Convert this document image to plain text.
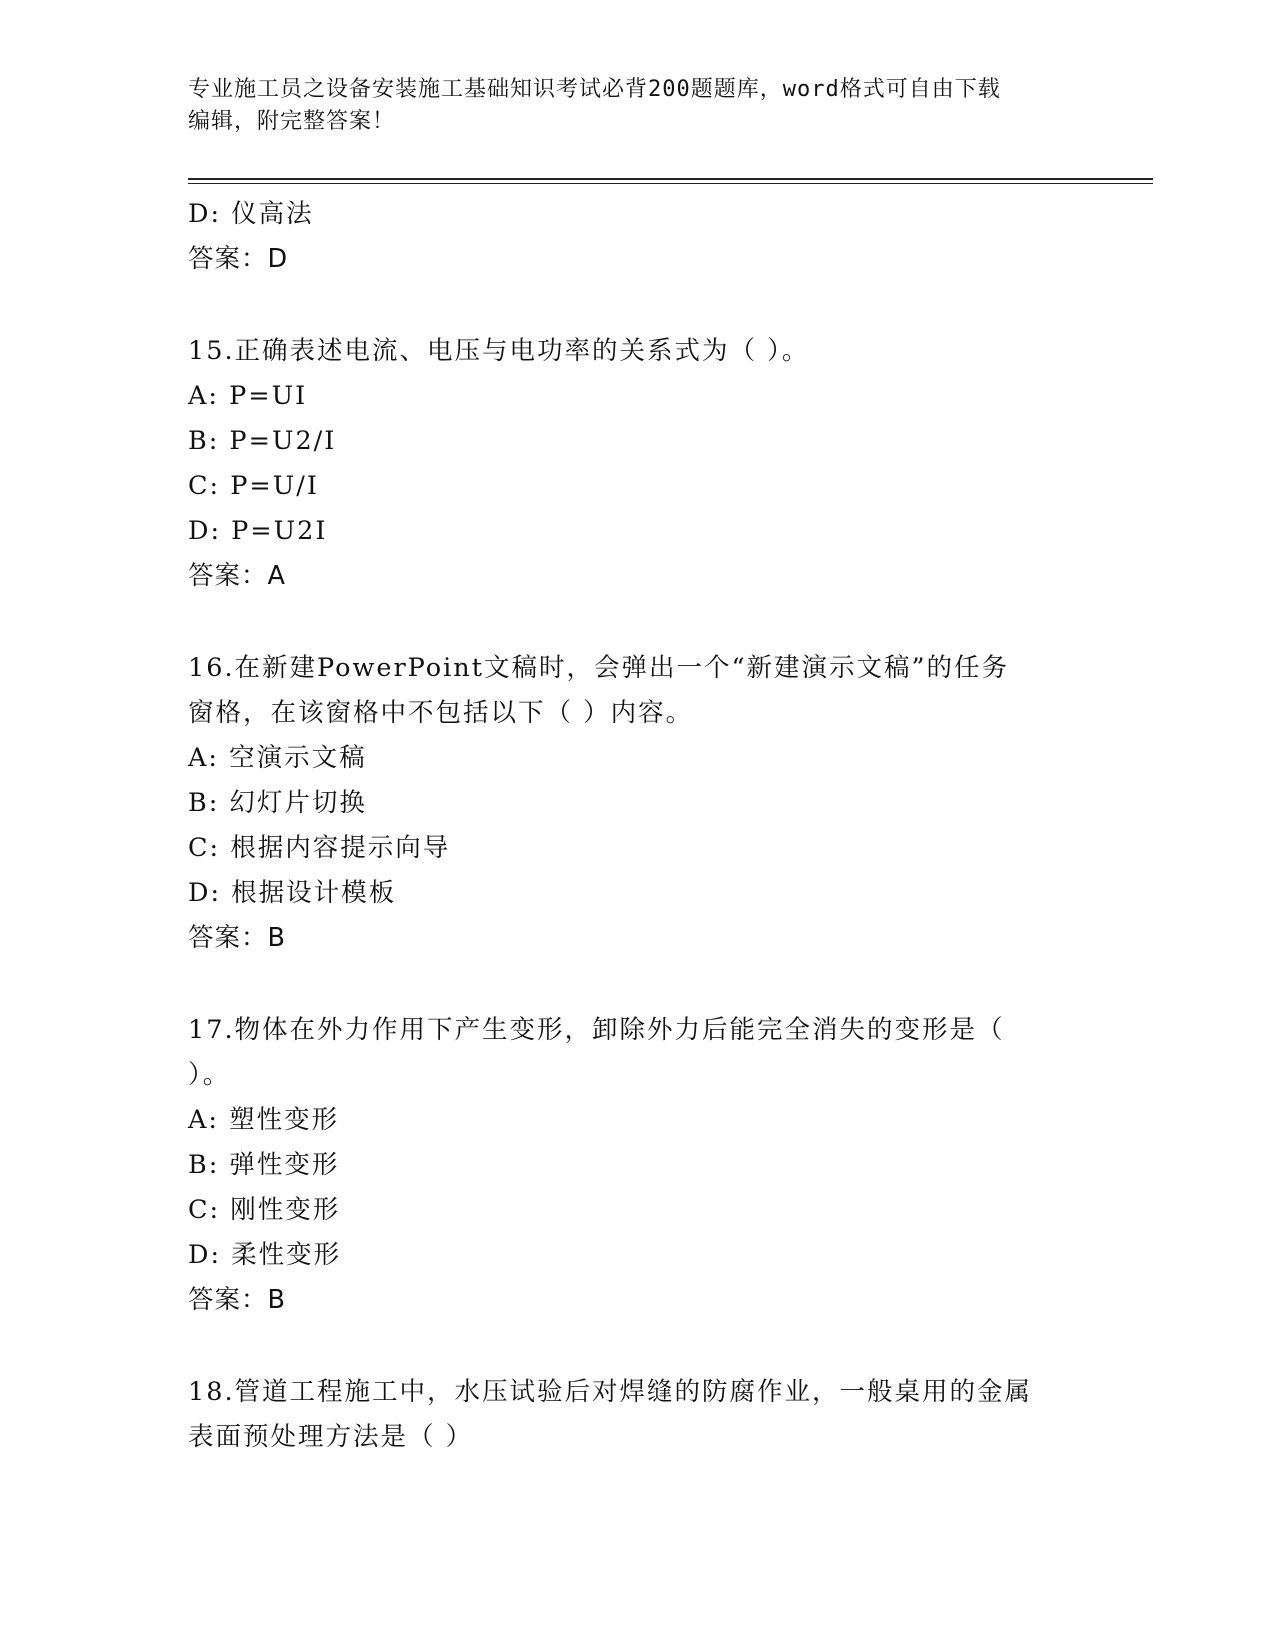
专业施工员之设备安装施工基础知识考试必背200题题库，word格式可自由下载
编辑，附完整答案！
D: 仪高法
答案：D
15.正确表述电流、电压与电功率的关系式为（ ）。
A: P=UI
B: P=U2/I
C: P=U/I
D: P=U2I
答案：A
16.在新建PowerPoint文稿时，会弹出一个“新建演示文稿”的任务
窗格，在该窗格中不包括以下（ ）内容。
A: 空演示文稿
B: 幻灯片切换
C: 根据内容提示向导
D: 根据设计模板
答案：B
17.物体在外力作用下产生变形，卸除外力后能完全消失的变形是（
）。
A: 塑性变形
B: 弹性变形
C: 刚性变形
D: 柔性变形
答案：B
18.管道工程施工中，水压试验后对焊缝的防腐作业，一般桌用的金属
表面预处理方法是（ ）
